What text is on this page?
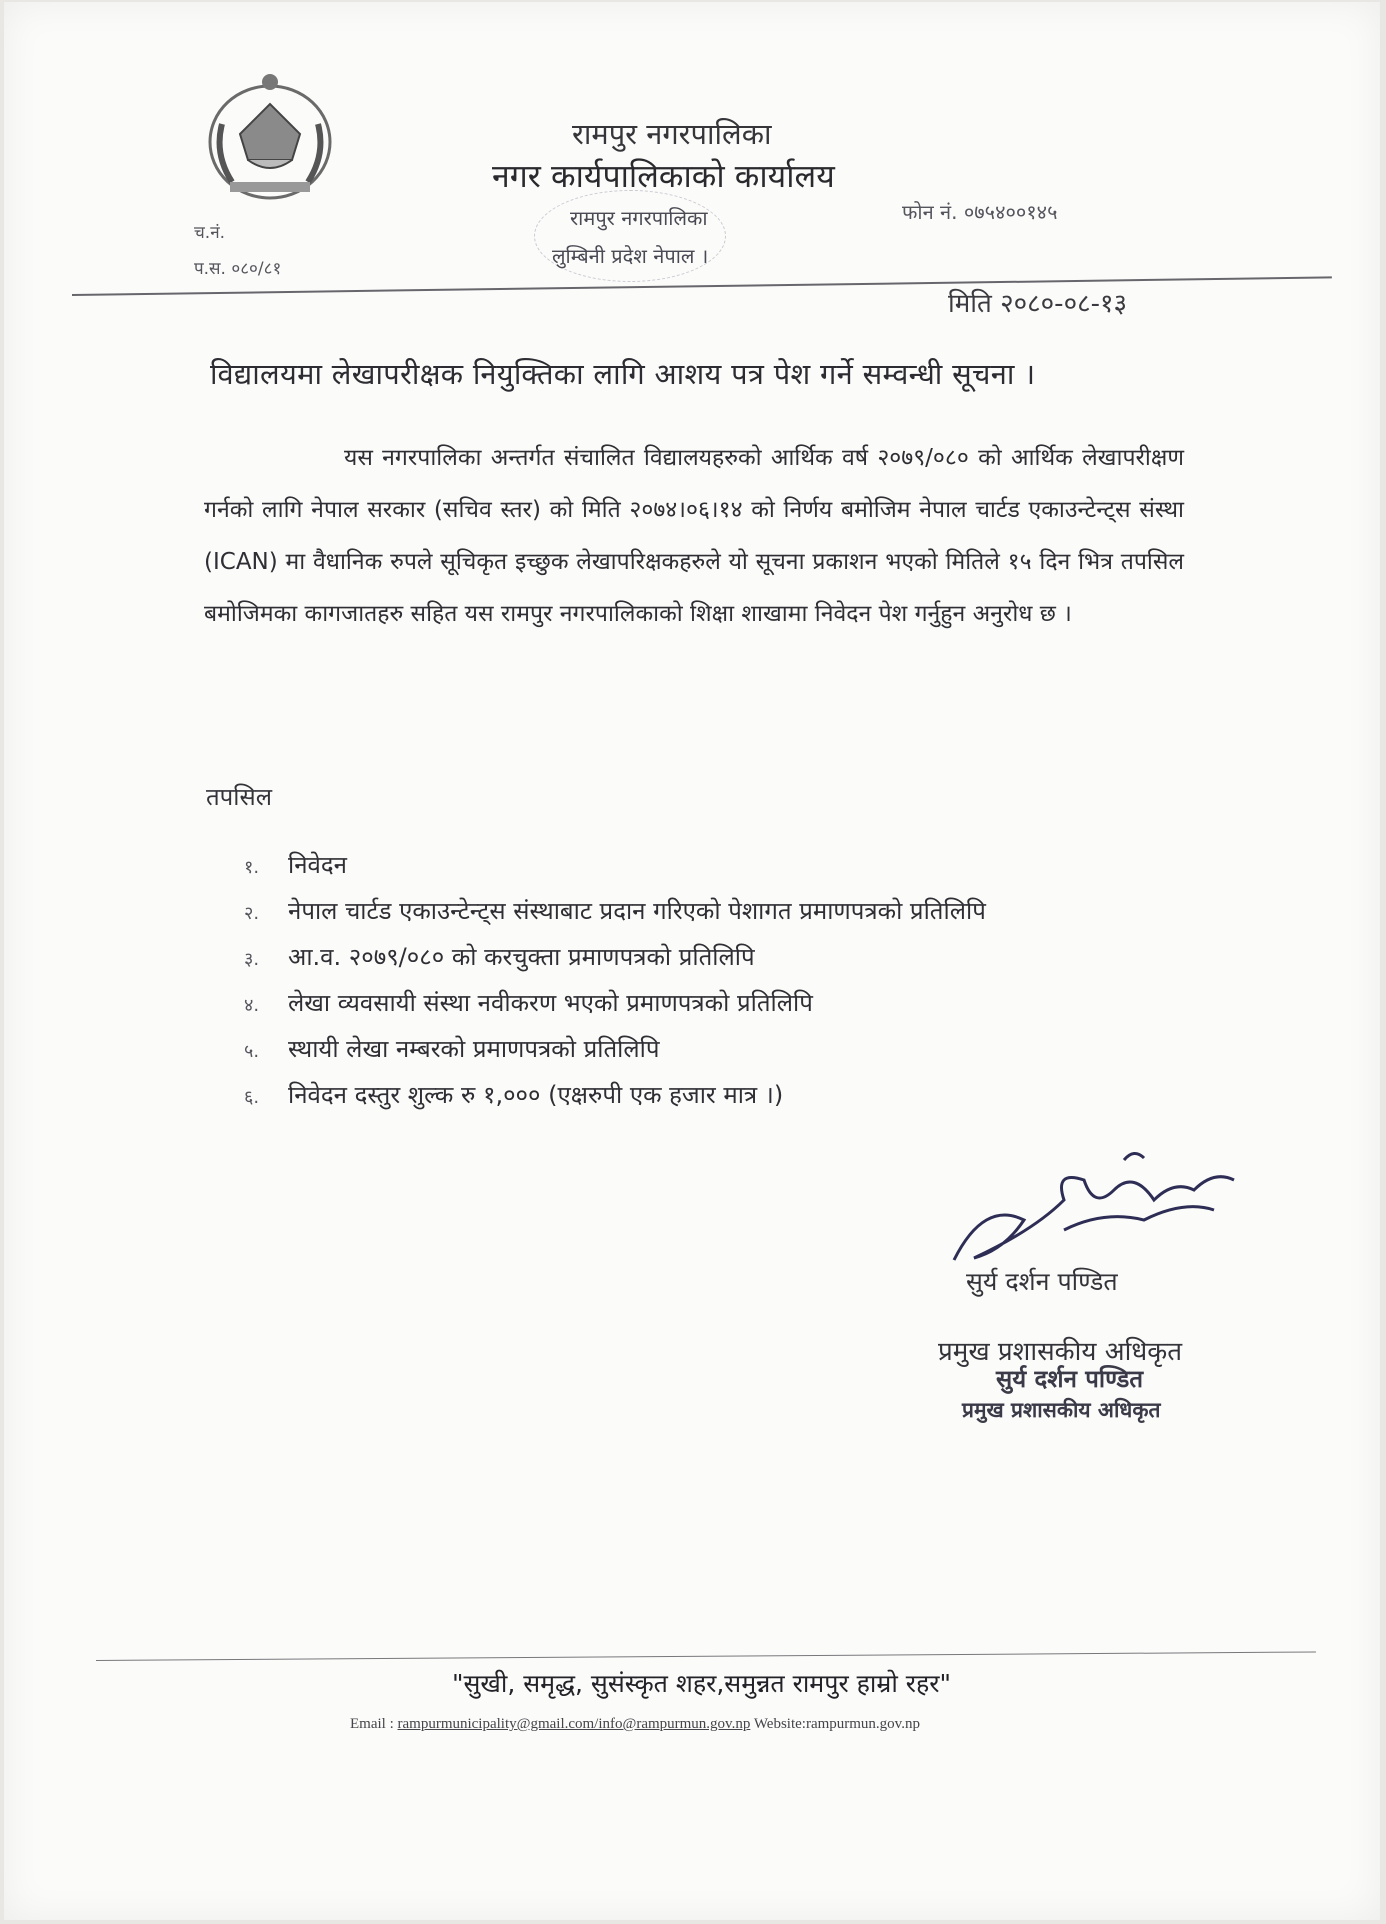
रामपुर नगरपालिका
नगर कार्यपालिकाको कार्यालय
रामपुर नगरपालिका
लुम्बिनी प्रदेश नेपाल ।
फोन नं. ०७५४००१४५
च.नं.
प.स. ०८०/८१
मिति २०८०-०८-१३
विद्यालयमा लेखापरीक्षक नियुक्तिका लागि आशय पत्र पेश गर्ने सम्वन्धी सूचना ।
यस नगरपालिका अन्तर्गत संचालित विद्यालयहरुको आर्थिक वर्ष २०७९/०८० को आर्थिक लेखापरीक्षण गर्नको लागि नेपाल सरकार (सचिव स्तर) को मिति २०७४।०६।१४ को निर्णय बमोजिम नेपाल चार्टड एकाउन्टेन्ट्स संस्था (ICAN) मा वैधानिक रुपले सूचिकृत इच्छुक लेखापरिक्षकहरुले यो सूचना प्रकाशन भएको मितिले १५ दिन भित्र तपसिल बमोजिमका कागजातहरु सहित यस रामपुर नगरपालिकाको शिक्षा शाखामा निवेदन पेश गर्नुहुन अनुरोध छ ।
तपसिल
१. निवेदन
२. नेपाल चार्टड एकाउन्टेन्ट्स संस्थाबाट प्रदान गरिएको पेशागत प्रमाणपत्रको प्रतिलिपि
३. आ.व. २०७९/०८० को करचुक्ता प्रमाणपत्रको प्रतिलिपि
४. लेखा व्यवसायी संस्था नवीकरण भएको प्रमाणपत्रको प्रतिलिपि
५. स्थायी लेखा नम्बरको प्रमाणपत्रको प्रतिलिपि
६. निवेदन दस्तुर शुल्क रु १,००० (एक्षरुपी एक हजार मात्र ।)
सुर्य दर्शन पण्डित
प्रमुख प्रशासकीय अधिकृत
सुर्य दर्शन पण्डित
प्रमुख प्रशासकीय अधिकृत
"सुखी, समृद्ध, सुसंस्कृत शहर,समुन्नत रामपुर हाम्रो रहर"
Email : rampurmunicipality@gmail.com/info@rampurmun.gov.np Website:rampurmun.gov.np
